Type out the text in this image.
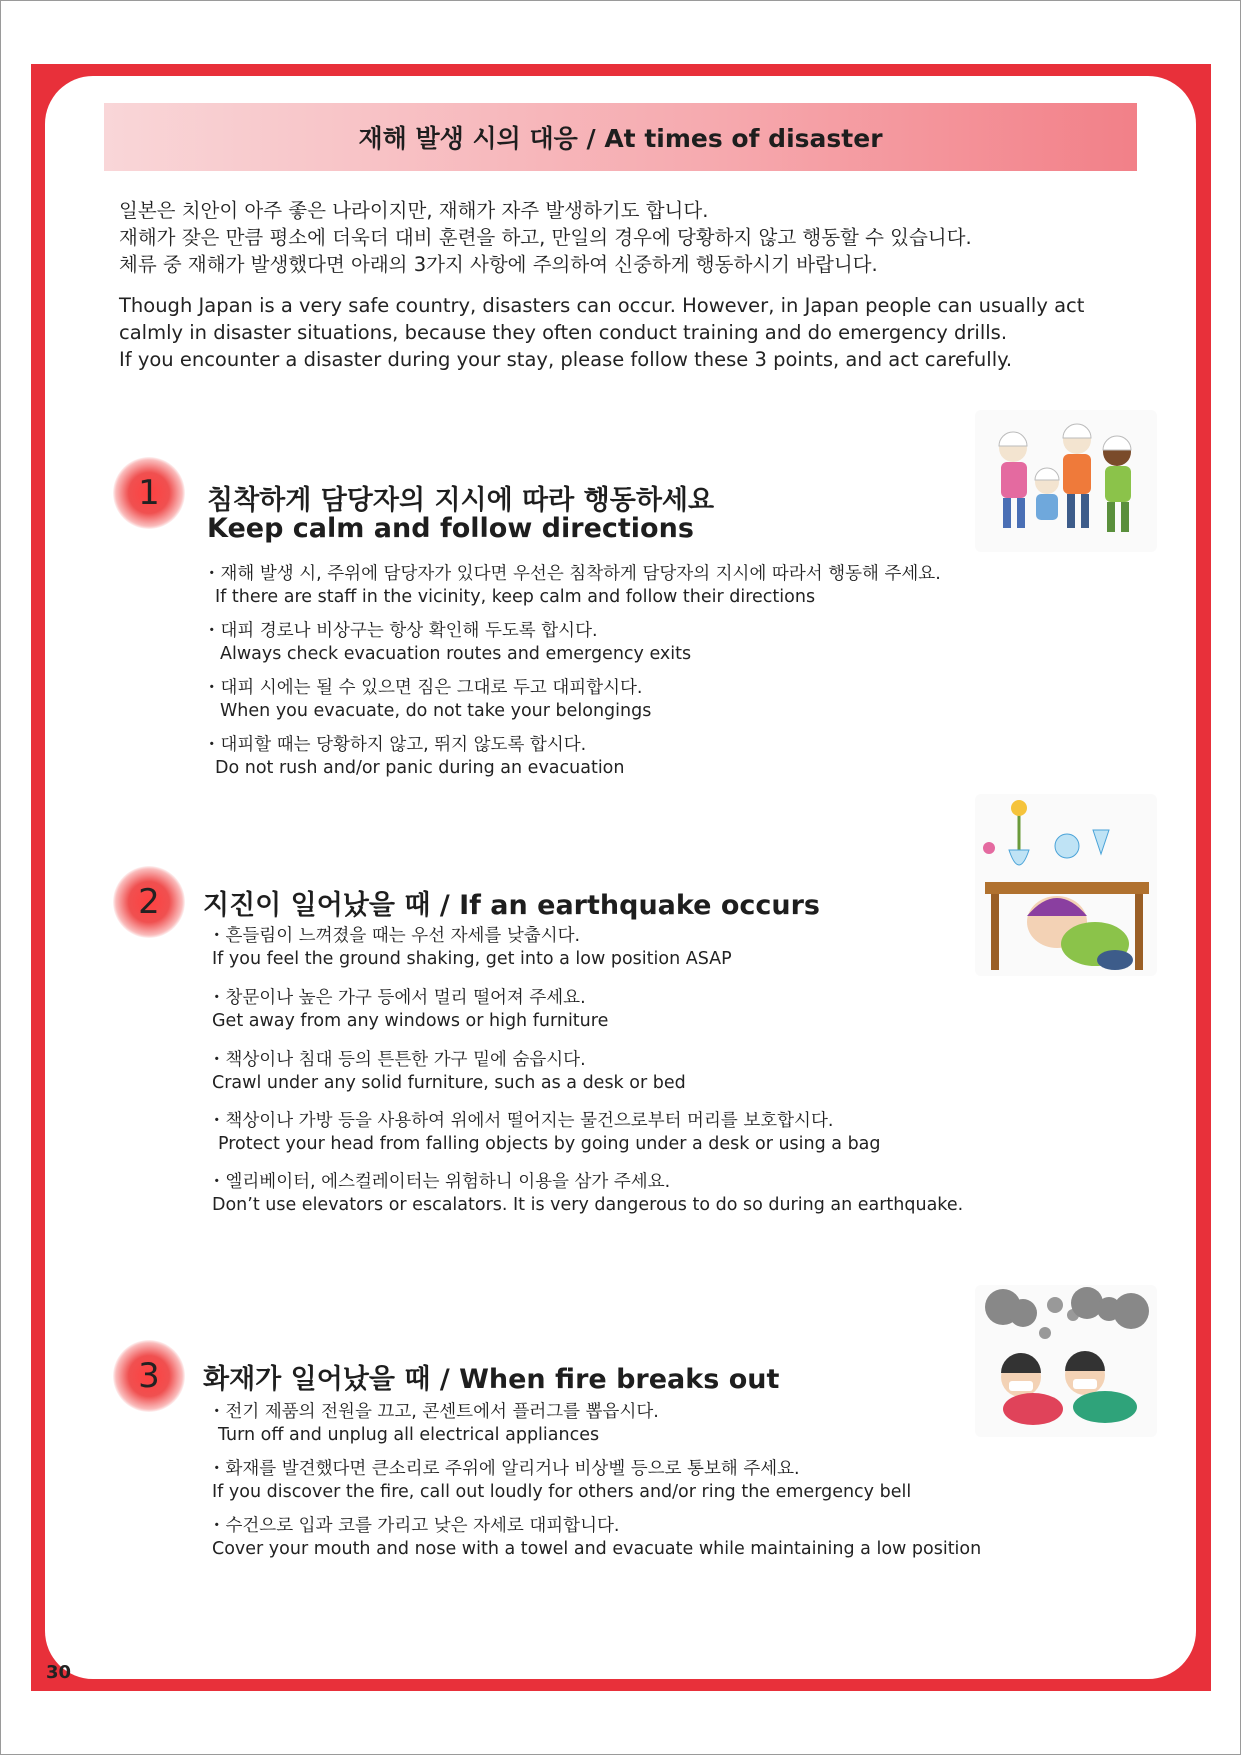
재해 발생 시의 대응 / At times of disaster
일본은 치안이 아주 좋은 나라이지만, 재해가 자주 발생하기도 합니다.
재해가 잦은 만큼 평소에 더욱더 대비 훈련을 하고, 만일의 경우에 당황하지 않고 행동할 수 있습니다.
체류 중 재해가 발생했다면 아래의 3가지 사항에 주의하여 신중하게 행동하시기 바랍니다.
Though Japan is a very safe country, disasters can occur. However, in Japan people can usually act
calmly in disaster situations, because they often conduct training and do emergency drills.
If you encounter a disaster during your stay, please follow these 3 points, and act carefully.
1 침착하게 담당자의 지시에 따라 행동하세요
Keep calm and follow directions
・재해 발생 시, 주위에 담당자가 있다면 우선은 침착하게 담당자의 지시에 따라서 행동해 주세요.
If there are staff in the vicinity, keep calm and follow their directions
・대피 경로나 비상구는 항상 확인해 두도록 합시다.
Always check evacuation routes and emergency exits
・대피 시에는 될 수 있으면 짐은 그대로 두고 대피합시다.
When you evacuate, do not take your belongings
・대피할 때는 당황하지 않고, 뛰지 않도록 합시다.
Do not rush and/or panic during an evacuation
2 지진이 일어났을 때 / If an earthquake occurs
・흔들림이 느껴졌을 때는 우선 자세를 낮춥시다.
If you feel the ground shaking, get into a low position ASAP
・창문이나 높은 가구 등에서 멀리 떨어져 주세요.
Get away from any windows or high furniture
・책상이나 침대 등의 튼튼한 가구 밑에 숨읍시다.
Crawl under any solid furniture, such as a desk or bed
・책상이나 가방 등을 사용하여 위에서 떨어지는 물건으로부터 머리를 보호합시다.
Protect your head from falling objects by going under a desk or using a bag
・엘리베이터, 에스컬레이터는 위험하니 이용을 삼가 주세요.
Don’t use elevators or escalators. It is very dangerous to do so during an earthquake.
3 화재가 일어났을 때 / When fire breaks out
・전기 제품의 전원을 끄고, 콘센트에서 플러그를 뽑읍시다.
Turn off and unplug all electrical appliances
・화재를 발견했다면 큰소리로 주위에 알리거나 비상벨 등으로 통보해 주세요.
If you discover the fire, call out loudly for others and/or ring the emergency bell
・수건으로 입과 코를 가리고 낮은 자세로 대피합니다.
Cover your mouth and nose with a towel and evacuate while maintaining a low position
30
